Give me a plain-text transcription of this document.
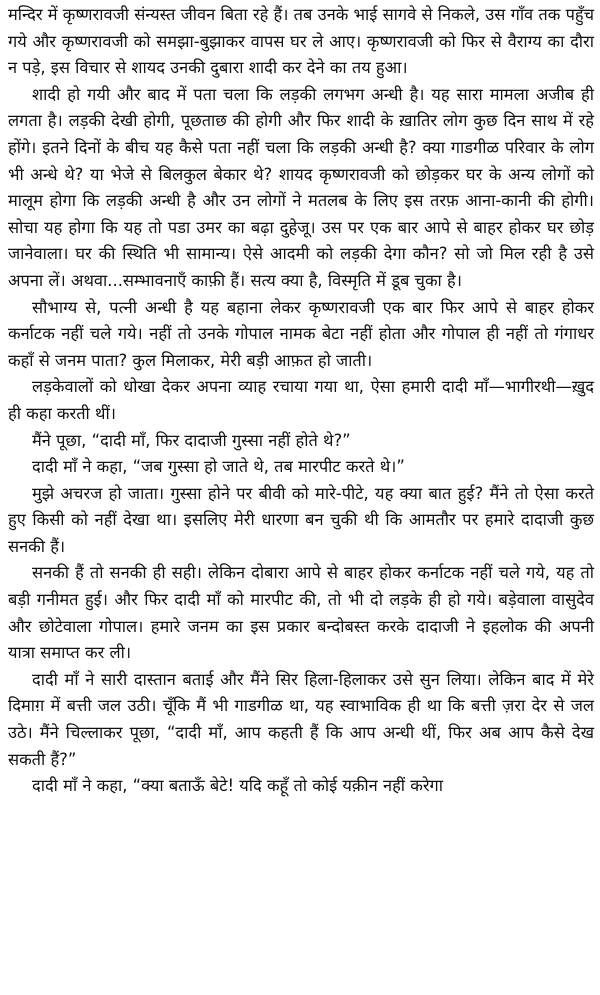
मन्दिर में कृष्णरावजी संन्यस्त जीवन बिता रहे हैं। तब उनके भाई सागवे से निकले, उस गाँव तक पहुँच गये और कृष्णरावजी को समझा-बुझाकर वापस घर ले आए। कृष्णरावजी को फिर से वैराग्य का दौरा न पड़े, इस विचार से शायद उनकी दुबारा शादी कर देने का तय हुआ।

शादी हो गयी और बाद में पता चला कि लड़की लगभग अन्धी है। यह सारा मामला अजीब ही लगता है। लड़की देखी होगी, पूछताछ की होगी और फिर शादी के ख़ातिर लोग कुछ दिन साथ में रहे होंगे। इतने दिनों के बीच यह कैसे पता नहीं चला कि लड़की अन्धी है? क्या गाडगीळ परिवार के लोग भी अन्धे थे? या भेजे से बिलकुल बेकार थे? शायद कृष्णरावजी को छोड़कर घर के अन्य लोगों को मालूम होगा कि लड़की अन्धी है और उन लोगों ने मतलब के लिए इस तरफ़ आना-कानी की होगी। सोचा यह होगा कि यह तो पडा उमर का बढ़ा दुहेजू। उस पर एक बार आपे से बाहर होकर घर छोड़ जानेवाला। घर की स्थिति भी सामान्य। ऐसे आदमी को लड़की देगा कौन? सो जो मिल रही है उसे अपना लें। अथवा...सम्भावनाएँ काफ़ी हैं। सत्य क्या है, विस्मृति में डूब चुका है।

सौभाग्य से, पत्नी अन्धी है यह बहाना लेकर कृष्णरावजी एक बार फिर आपे से बाहर होकर कर्नाटक नहीं चले गये। नहीं तो उनके गोपाल नामक बेटा नहीं होता और गोपाल ही नहीं तो गंगाधर कहाँ से जनम पाता? कुल मिलाकर, मेरी बड़ी आफ़त हो जाती।

लड़केवालों को धोखा देकर अपना व्याह रचाया गया था, ऐसा हमारी दादी माँ—भागीरथी—ख़ुद ही कहा करती थीं।

मैंने पूछा, “दादी माँ, फिर दादाजी गुस्सा नहीं होते थे?”

दादी माँ ने कहा, “जब गुस्सा हो जाते थे, तब मारपीट करते थे।”

मुझे अचरज हो जाता। गुस्सा होने पर बीवी को मारे-पीटे, यह क्या बात हुई? मैंने तो ऐसा करते हुए किसी को नहीं देखा था। इसलिए मेरी धारणा बन चुकी थी कि आमतौर पर हमारे दादाजी कुछ सनकी हैं।

सनकी हैं तो सनकी ही सही। लेकिन दोबारा आपे से बाहर होकर कर्नाटक नहीं चले गये, यह तो बड़ी गनीमत हुई। और फिर दादी माँ को मारपीट की, तो भी दो लड़के ही हो गये। बड़ेवाला वासुदेव और छोटेवाला गोपाल। हमारे जनम का इस प्रकार बन्दोबस्त करके दादाजी ने इहलोक की अपनी यात्रा समाप्त कर ली।

दादी माँ ने सारी दास्तान बताई और मैंने सिर हिला-हिलाकर उसे सुन लिया। लेकिन बाद में मेरे दिमाग़ में बत्ती जल उठी। चूँकि मैं भी गाडगीळ था, यह स्वाभाविक ही था कि बत्ती ज़रा देर से जल उठे। मैंने चिल्लाकर पूछा, “दादी माँ, आप कहती हैं कि आप अन्धी थीं, फिर अब आप कैसे देख सकती हैं?”

दादी माँ ने कहा, “क्या बताऊँ बेटे! यदि कहूँ तो कोई यक़ीन नहीं करेगा
